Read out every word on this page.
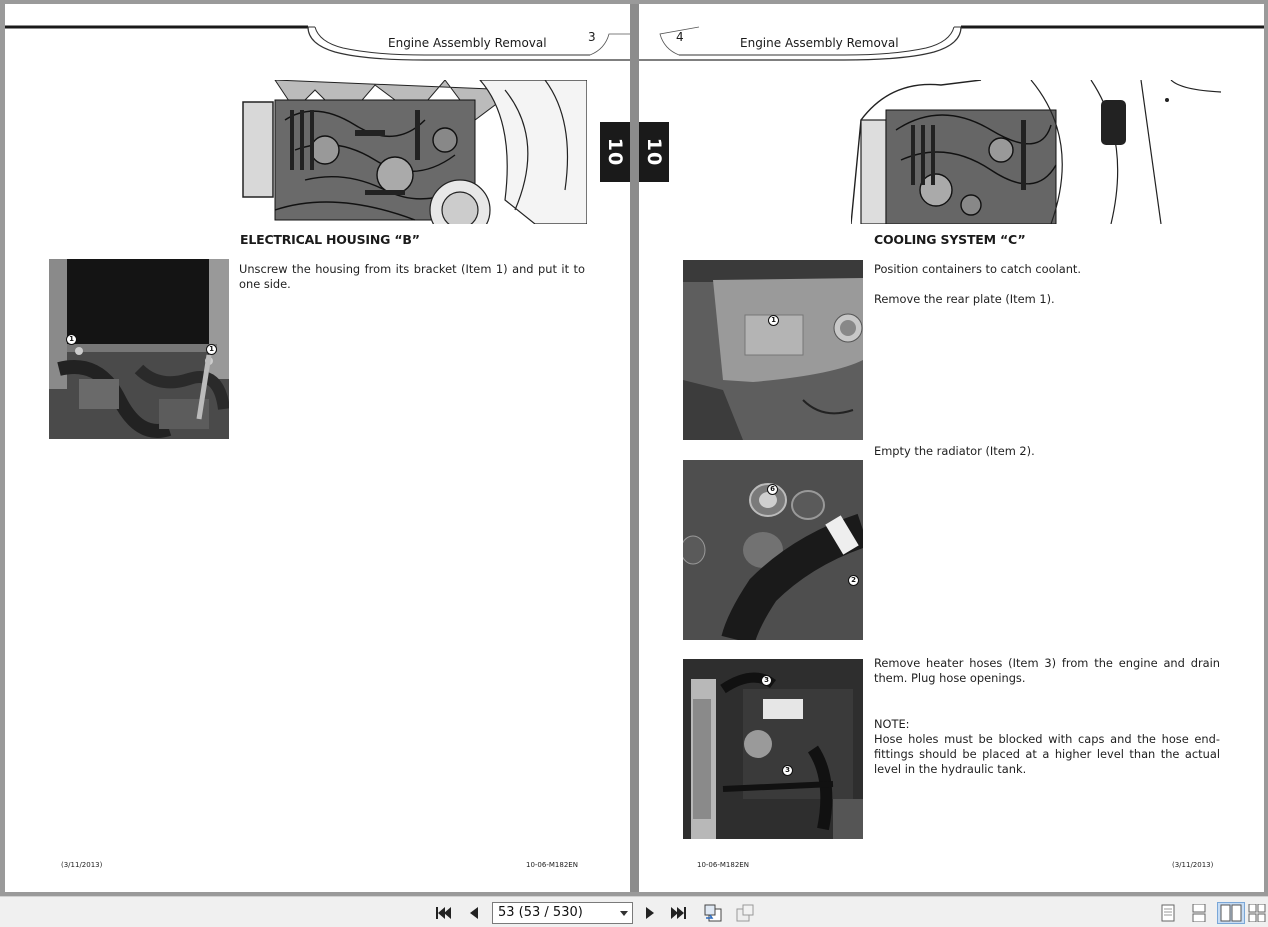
Engine Assembly Removal	3
10
ELECTRICAL HOUSING “B”
1
1
Unscrew the housing from its bracket (Item 1) and put it to one side.
(3/11/2013)	10-06-M182EN
4	Engine Assembly Removal
10
COOLING SYSTEM “C”
1
Position containers to catch coolant.
Remove the rear plate (Item 1).
6
2
Empty the radiator (Item 2).
3
3
Remove heater hoses (Item 3) from the engine and drain them. Plug hose openings.
NOTE:
Hose holes must be blocked with caps and the hose end-fittings should be placed at a higher level than the actual level in the hydraulic tank.
10-06-M182EN	(3/11/2013)
53 (53 / 530)
